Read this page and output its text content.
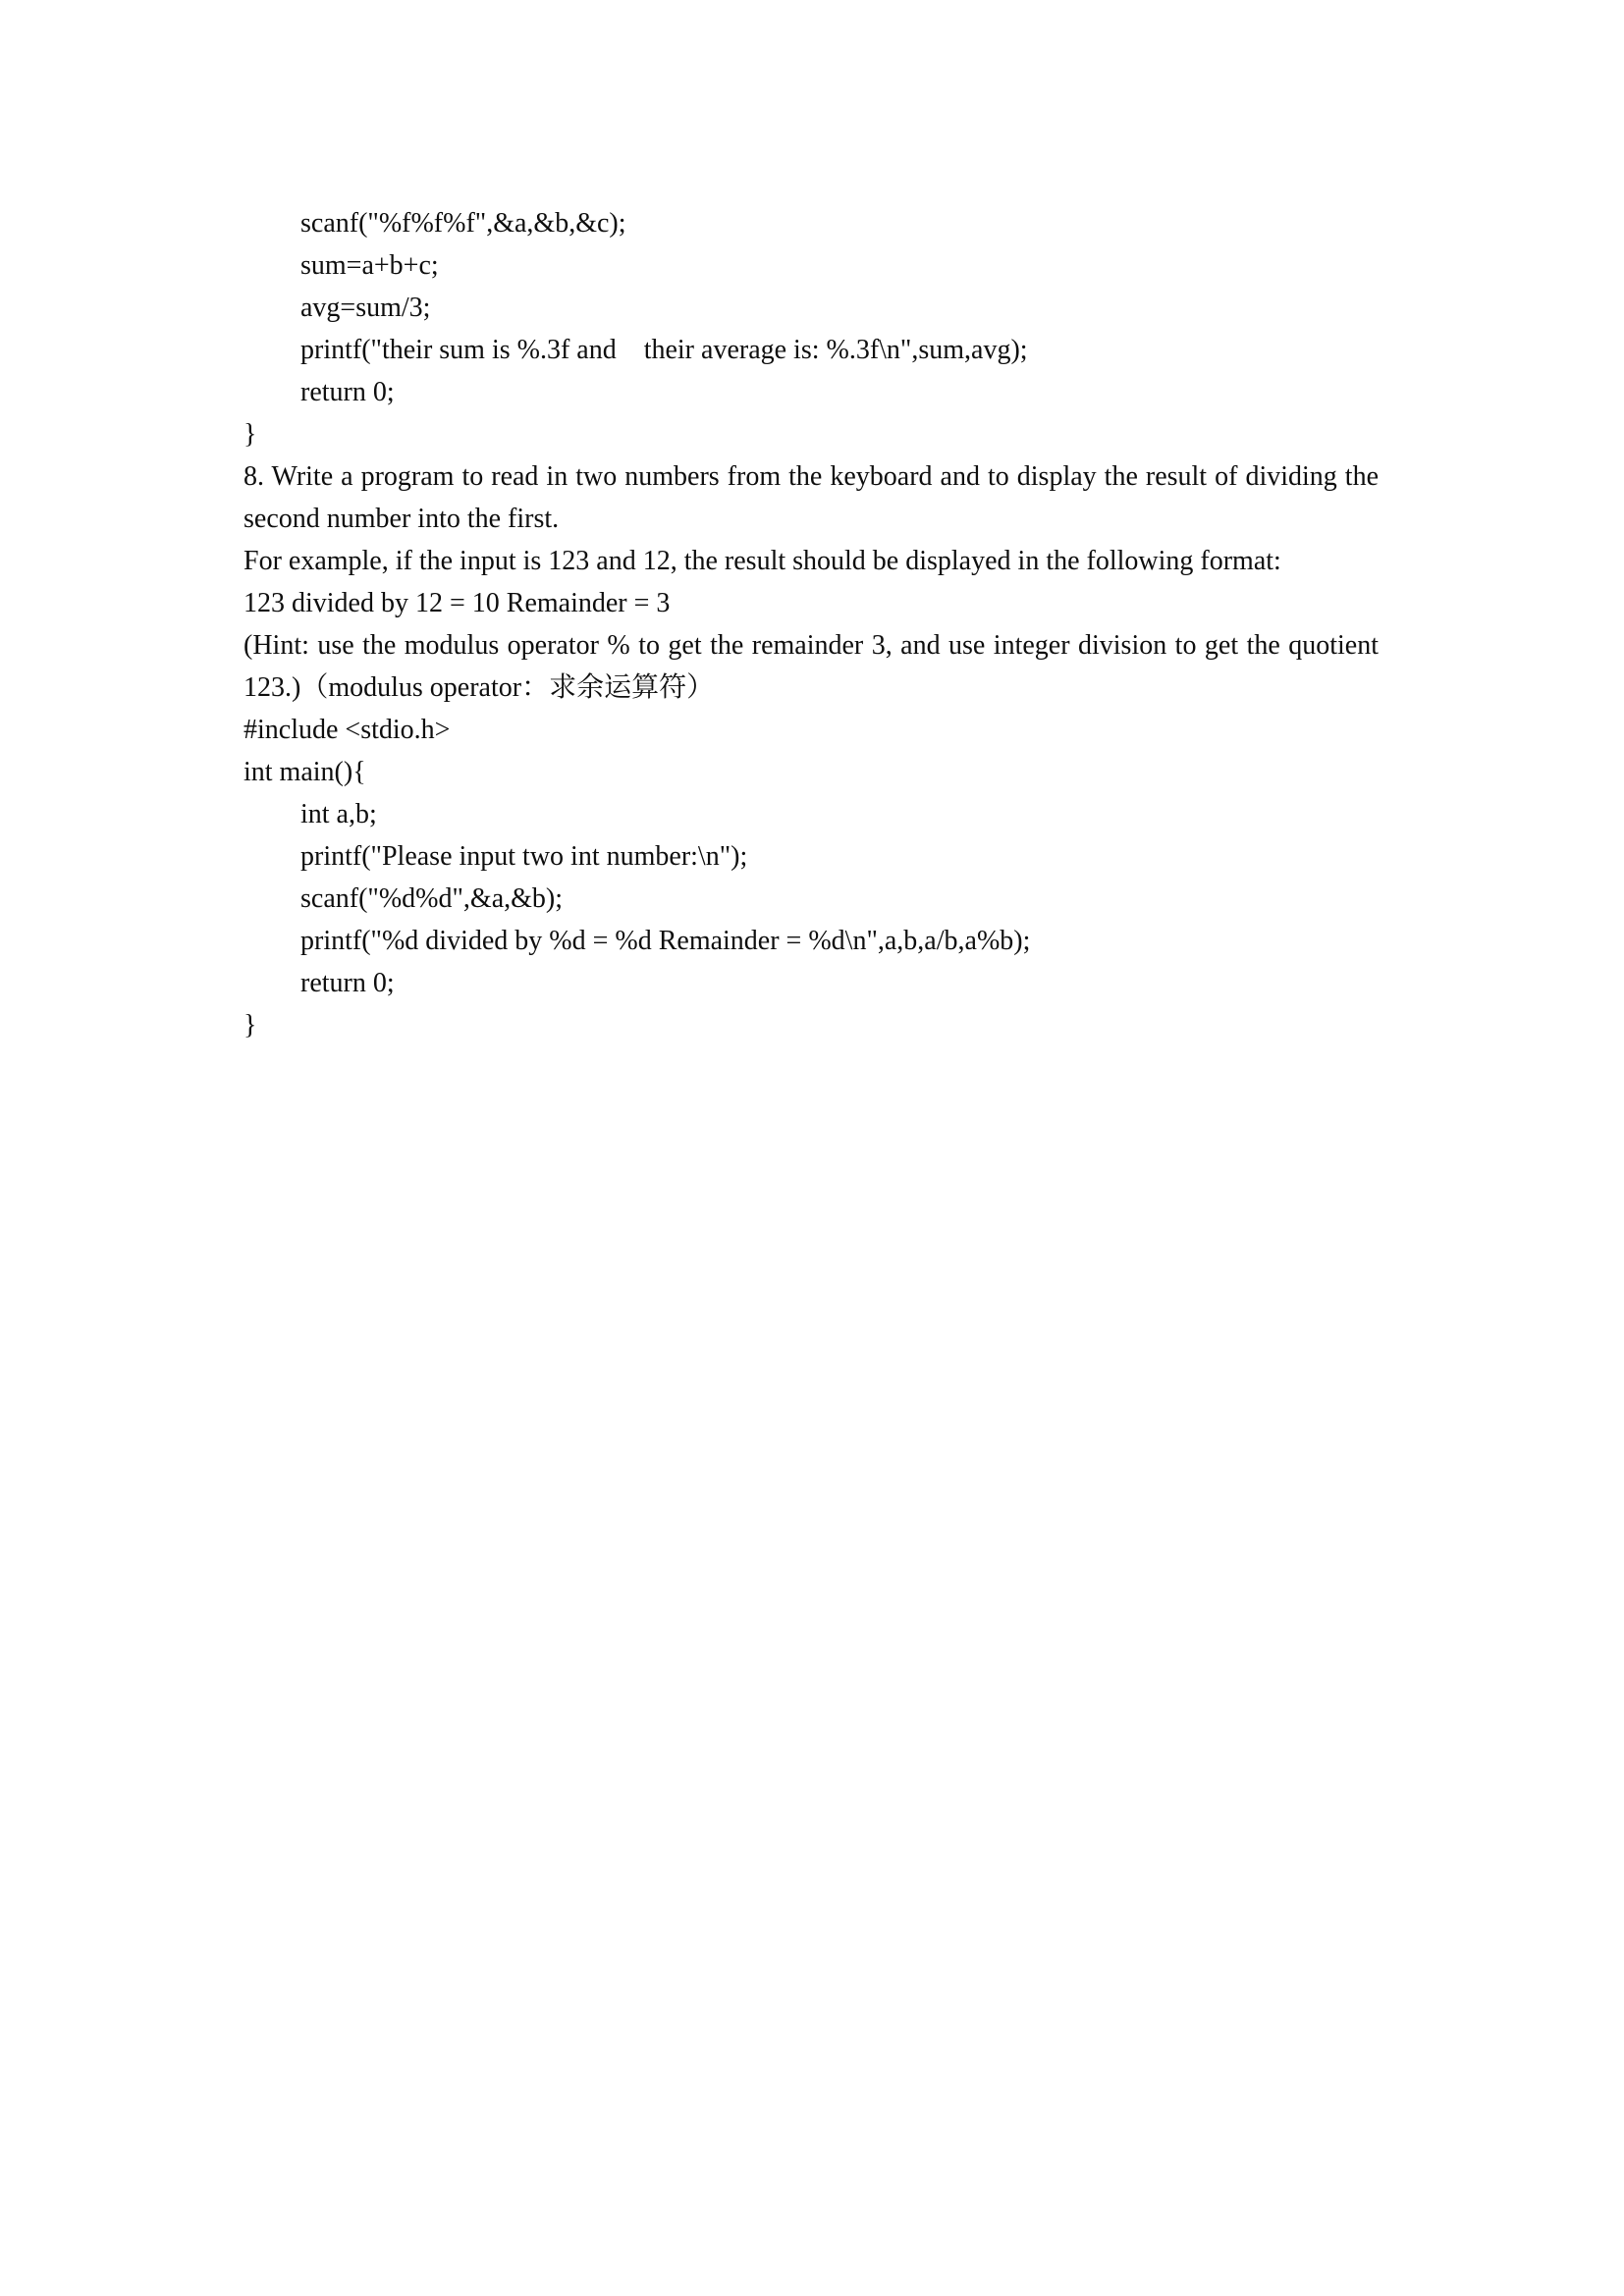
scanf("%f%f%f",&a,&b,&c);
sum=a+b+c;
avg=sum/3;
printf("their sum is %.3f and    their average is: %.3f\n",sum,avg);
return 0;
}
8. Write a program to read in two numbers from the keyboard and to display the result of dividing the
second number into the first.
For example, if the input is 123 and 12, the result should be displayed in the following format:
123 divided by 12 = 10 Remainder = 3
(Hint: use the modulus operator % to get the remainder 3, and use integer division to get the quotient
123.)（modulus operator：求余运算符）
#include <stdio.h>
int main(){
int a,b;
printf("Please input two int number:\n");
scanf("%d%d",&a,&b);
printf("%d divided by %d = %d Remainder = %d\n",a,b,a/b,a%b);
return 0;
}
